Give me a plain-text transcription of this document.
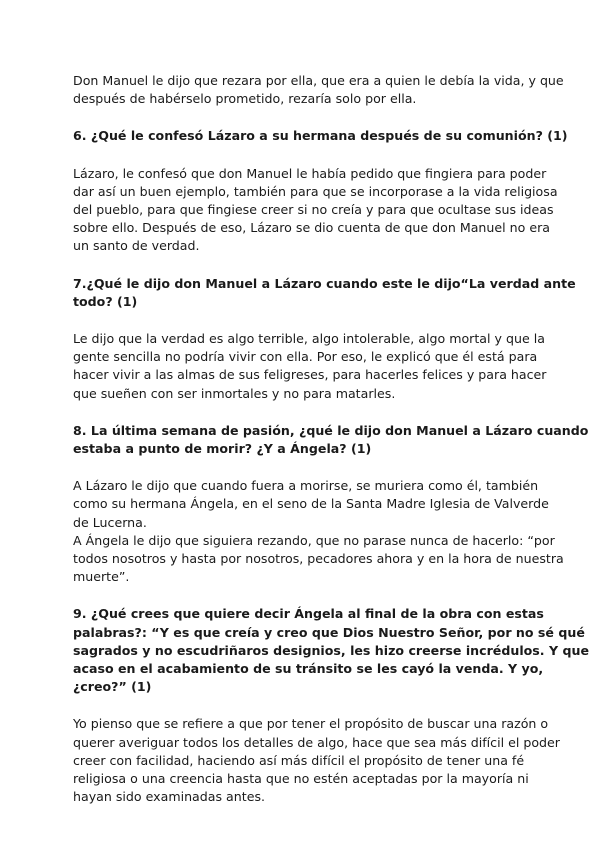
Don Manuel le dijo que rezara por ella, que era a quien le debía la vida, y que
después de habérselo prometido, rezaría solo por ella.

6. ¿Qué le confesó Lázaro a su hermana después de su comunión? (1)

Lázaro, le confesó que don Manuel le había pedido que fingiera para poder
dar así un buen ejemplo, también para que se incorporase a la vida religiosa
del pueblo, para que fingiese creer si no creía y para que ocultase sus ideas
sobre ello. Después de eso, Lázaro se dio cuenta de que don Manuel no era
un santo de verdad.

7.¿Qué le dijo don Manuel a Lázaro cuando este le dijo“La verdad ante
todo? (1)

Le dijo que la verdad es algo terrible, algo intolerable, algo mortal y que la
gente sencilla no podría vivir con ella. Por eso, le explicó que él está para
hacer vivir a las almas de sus feligreses, para hacerles felices y para hacer
que sueñen con ser inmortales y no para matarles.

8. La última semana de pasión, ¿qué le dijo don Manuel a Lázaro cuando
estaba a punto de morir? ¿Y a Ángela? (1)

A Lázaro le dijo que cuando fuera a morirse, se muriera como él, también
como su hermana Ángela, en el seno de la Santa Madre Iglesia de Valverde
de Lucerna.
A Ángela le dijo que siguiera rezando, que no parase nunca de hacerlo: “por
todos nosotros y hasta por nosotros, pecadores ahora y en la hora de nuestra
muerte”.

9. ¿Qué crees que quiere decir Ángela al final de la obra con estas
palabras?: “Y es que creía y creo que Dios Nuestro Señor, por no sé qué
sagrados y no escudriñaros designios, les hizo creerse incrédulos. Y que
acaso en el acabamiento de su tránsito se les cayó la venda. Y yo,
¿creo?” (1)

Yo pienso que se refiere a que por tener el propósito de buscar una razón o
querer averiguar todos los detalles de algo, hace que sea más difícil el poder
creer con facilidad, haciendo así más difícil el propósito de tener una fé
religiosa o una creencia hasta que no estén aceptadas por la mayoría ni
hayan sido examinadas antes.
